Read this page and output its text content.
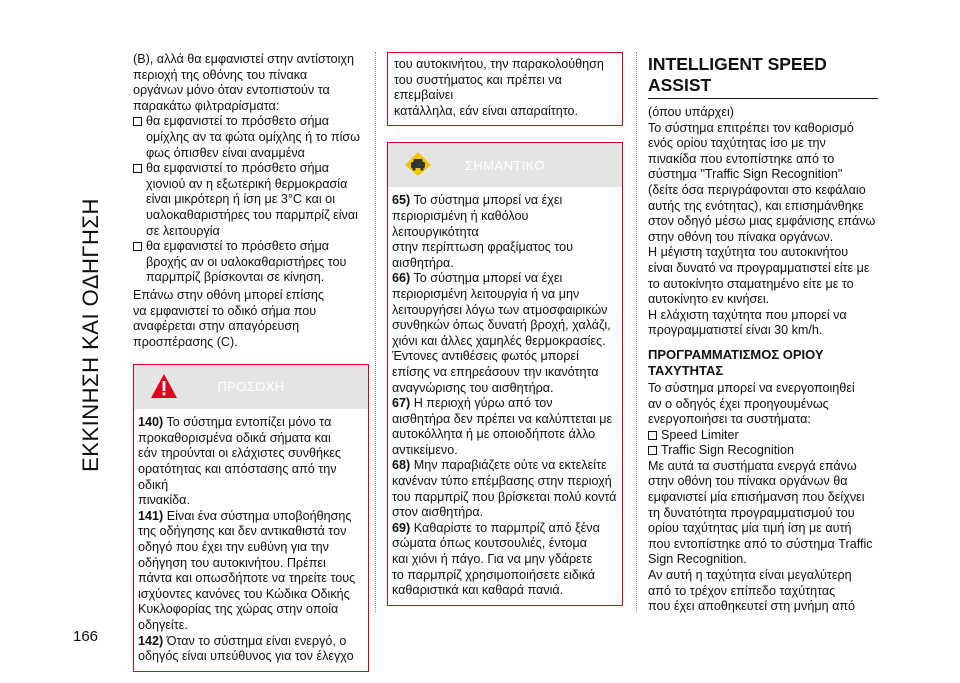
ΕΚΚΙΝΗΣΗ ΚΑΙ ΟΔΗΓΗΣΗ
166
(B), αλλά θα εμφανιστεί στην αντίστοιχη
περιοχή της οθόνης του πίνακα
οργάνων μόνο όταν εντοπιστούν τα
παρακάτω φιλτραρίσματα:
θα εμφανιστεί το πρόσθετο σήμα
ομίχλης αν τα φώτα ομίχλης ή το πίσω
φως όπισθεν είναι αναμμένα
θα εμφανιστεί το πρόσθετο σήμα
χιονιού αν η εξωτερική θερμοκρασία
είναι μικρότερη ή ίση με 3°C και οι
υαλοκαθαριστήρες του παρμπρίζ είναι
σε λειτουργία
θα εμφανιστεί το πρόσθετο σήμα
βροχής αν οι υαλοκαθαριστήρες του
παρμπρίζ βρίσκονται σε κίνηση.
Επάνω στην οθόνη μπορεί επίσης
να εμφανιστεί το οδικό σήμα που
αναφέρεται στην απαγόρευση
προσπέρασης (C).
ΠΡΟΣΟΧΗ
140) Το σύστημα εντοπίζει μόνο τα
προκαθορισμένα οδικά σήματα και
εάν τηρούνται οι ελάχιστες συνθήκες
ορατότητας και απόστασης από την οδική
πινακίδα.
141) Είναι ένα σύστημα υποβοήθησης
της οδήγησης και δεν αντικαθιστά τον
οδηγό που έχει την ευθύνη για την
οδήγηση του αυτοκινήτου. Πρέπει
πάντα και οπωσδήποτε να τηρείτε τους
ισχύοντες κανόνες του Κώδικα Οδικής
Κυκλοφορίας της χώρας στην οποία
οδηγείτε.
142) Όταν το σύστημα είναι ενεργό, ο
οδηγός είναι υπεύθυνος για τον έλεγχο
του αυτοκινήτου, την παρακολούθηση
του συστήματος και πρέπει να επεμβαίνει
κατάλληλα, εάν είναι απαραίτητο.
ΣΗΜΑΝΤΙΚΟ
65) Το σύστημα μπορεί να έχει
περιορισμένη ή καθόλου λειτουργικότητα
στην περίπτωση φραξίματος του
αισθητήρα.
66) Το σύστημα μπορεί να έχει
περιορισμένη λειτουργία ή να μην
λειτουργήσει λόγω των ατμοσφαιρικών
συνθηκών όπως δυνατή βροχή, χαλάζι,
χιόνι και άλλες χαμηλές θερμοκρασίες.
Έντονες αντιθέσεις φωτός μπορεί
επίσης να επηρεάσουν την ικανότητα
αναγνώρισης του αισθητήρα.
67) Η περιοχή γύρω από τον
αισθητήρα δεν πρέπει να καλύπτεται με
αυτοκόλλητα ή με οποιοδήποτε άλλο
αντικείμενο.
68) Μην παραβιάζετε ούτε να εκτελείτε
κανέναν τύπο επέμβασης στην περιοχή
του παρμπρίζ που βρίσκεται πολύ κοντά
στον αισθητήρα.
69) Καθαρίστε το παρμπρίζ από ξένα
σώματα όπως κουτσουλιές, έντομα
και χιόνι ή πάγο. Για να μην γδάρετε
το παρμπρίζ χρησιμοποιήσετε ειδικά
καθαριστικά και καθαρά πανιά.
INTELLIGENT SPEED
ASSIST
(όπου υπάρχει)
Το σύστημα επιτρέπει τον καθορισμό
ενός ορίου ταχύτητας ίσο με την
πινακίδα που εντοπίστηκε από το
σύστημα "Traffic Sign Recognition"
(δείτε όσα περιγράφονται στο κεφάλαιο
αυτής της ενότητας), και επισημάνθηκε
στον οδηγό μέσω μιας εμφάνισης επάνω
στην οθόνη του πίνακα οργάνων.
Η μέγιστη ταχύτητα του αυτοκινήτου
είναι δυνατό να προγραμματιστεί είτε με
το αυτοκίνητο σταματημένο είτε με το
αυτοκίνητο εν κινήσει.
Η ελάχιστη ταχύτητα που μπορεί να
προγραμματιστεί είναι 30 km/h.
ΠΡΟΓΡΑΜΜΑΤΙΣΜΟΣ ΟΡΙΟΥ
ΤΑΧΥΤΗΤΑΣ
Το σύστημα μπορεί να ενεργοποιηθεί
αν ο οδηγός έχει προηγουμένως
ενεργοποιήσει τα συστήματα:
Speed Limiter
Traffic Sign Recognition
Με αυτά τα συστήματα ενεργά επάνω
στην οθόνη του πίνακα οργάνων θα
εμφανιστεί μία επισήμανση που δείχνει
τη δυνατότητα προγραμματισμού του
ορίου ταχύτητας μία τιμή ίση με αυτή
που εντοπίστηκε από το σύστημα Traffic
Sign Recognition.
Αν αυτή η ταχύτητα είναι μεγαλύτερη
από το τρέχον επίπεδο ταχύτητας
που έχει αποθηκευτεί στη μνήμη από
